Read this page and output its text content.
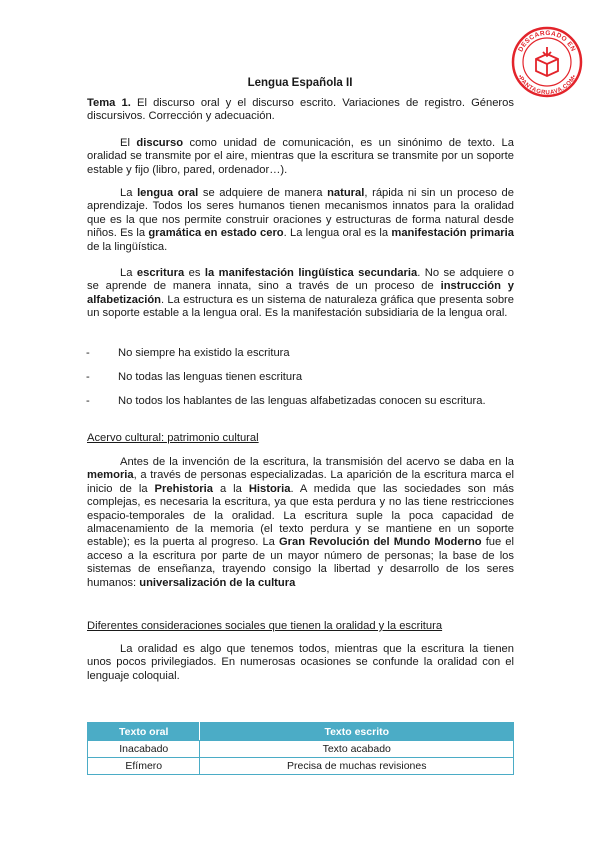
DESCARGADO EN
•PANTAGRUAVA.COM•
Lengua Española II
Tema 1. El discurso oral y el discurso escrito. Variaciones de registro. Géneros discursivos. Corrección y adecuación.
El discurso como unidad de comunicación, es un sinónimo de texto. La oralidad se transmite por el aire, mientras que la escritura se transmite por un soporte estable y fijo (libro, pared, ordenador…).
La lengua oral se adquiere de manera natural, rápida ni sin un proceso de aprendizaje. Todos los seres humanos tienen mecanismos innatos para la oralidad que es la que nos permite construir oraciones y estructuras de forma natural desde niños. Es la gramática en estado cero. La lengua oral es la manifestación primaria de la lingüística.
La escritura es la manifestación lingüística secundaria. No se adquiere o se aprende de manera innata, sino a través de un proceso de instrucción y alfabetización. La estructura es un sistema de naturaleza gráfica que presenta sobre un soporte estable a la lengua oral. Es la manifestación subsidiaria de la lengua oral.
-	No siempre ha existido la escritura
-	No todas las lenguas tienen escritura
-	No todos los hablantes de las lenguas alfabetizadas conocen su escritura.
Acervo cultural: patrimonio cultural
Antes de la invención de la escritura, la transmisión del acervo se daba en la memoria, a través de personas especializadas. La aparición de la escritura marca el inicio de la Prehistoria a la Historia. A medida que las sociedades son más complejas, es necesaria la escritura, ya que esta perdura y no las tiene restricciones espacio-temporales de la oralidad. La escritura suple la poca capacidad de almacenamiento de la memoria (el texto perdura y se mantiene en un soporte estable); es la puerta al progreso. La Gran Revolución del Mundo Moderno fue el acceso a la escritura por parte de un mayor número de personas; la base de los sistemas de enseñanza, trayendo consigo la libertad y desarrollo de los seres humanos: universalización de la cultura
Diferentes consideraciones sociales que tienen la oralidad y la escritura
La oralidad es algo que tenemos todos, mientras que la escritura la tienen unos pocos privilegiados. En numerosas ocasiones se confunde la oralidad con el lenguaje coloquial.
Texto oral	Texto escrito
Inacabado	Texto acabado
Efímero	Precisa de muchas revisiones
